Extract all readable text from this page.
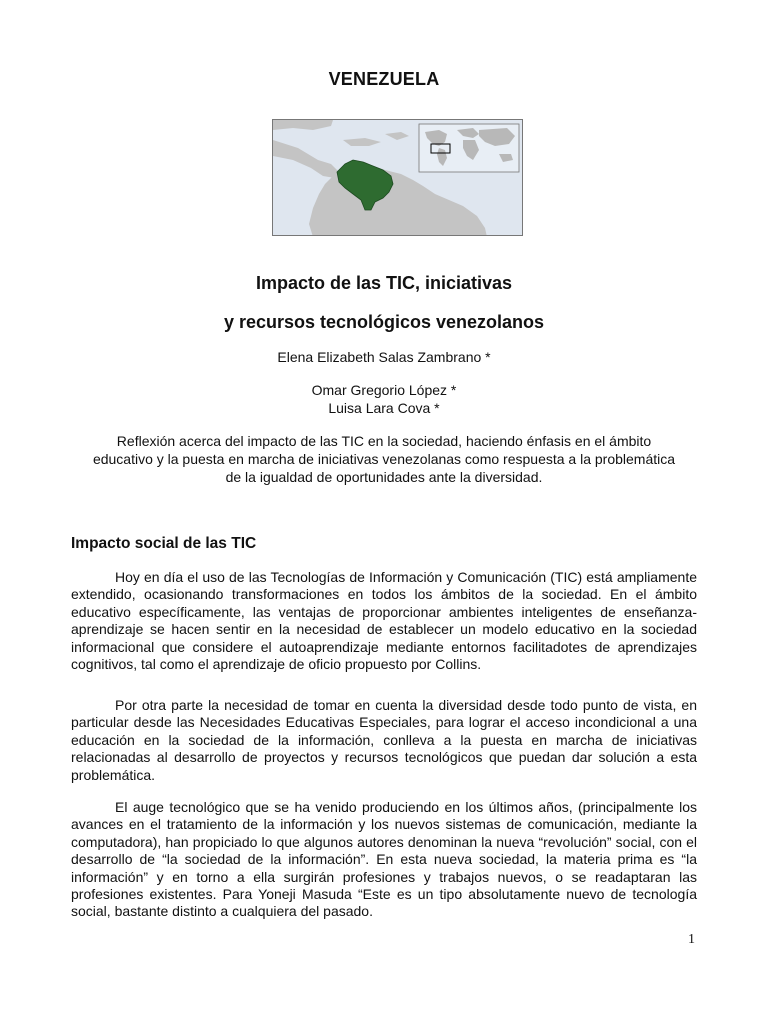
VENEZUELA
Impacto de las TIC, iniciativas
y recursos tecnológicos venezolanos
Elena Elizabeth Salas Zambrano *
Omar Gregorio López *
Luisa Lara Cova *
Reflexión acerca del impacto de las TIC en la sociedad, haciendo énfasis en el ámbito educativo y la puesta en marcha de iniciativas venezolanas como respuesta a la problemática de la igualdad de oportunidades ante la diversidad.
Impacto social de las TIC

Hoy en día el uso de las Tecnologías de Información y Comunicación (TIC) está ampliamente extendido, ocasionando transformaciones en todos los ámbitos de la sociedad. En el ámbito educativo específicamente, las ventajas de proporcionar ambientes inteligentes de enseñanza-aprendizaje se hacen sentir en la necesidad de establecer un modelo educativo en la sociedad informacional que considere el autoaprendizaje mediante entornos facilitadotes de aprendizajes cognitivos, tal como el aprendizaje de oficio propuesto por Collins.

Por otra parte la necesidad de tomar en cuenta la diversidad desde todo punto de vista, en particular desde las Necesidades Educativas Especiales, para lograr el acceso incondicional a una educación en la sociedad de la información, conlleva a la puesta en marcha de iniciativas relacionadas al desarrollo de proyectos y recursos tecnológicos que puedan dar solución a esta problemática.

El auge tecnológico que se ha venido produciendo en los últimos años, (principalmente los avances en el tratamiento de la información y los nuevos sistemas de comunicación, mediante la computadora), han propiciado lo que algunos autores denominan la nueva “revolución” social, con el desarrollo de “la sociedad de la información”. En esta nueva sociedad, la materia prima es “la información” y en torno a ella surgirán profesiones y trabajos nuevos, o se readaptaran las profesiones existentes. Para Yoneji Masuda “Este es un tipo absolutamente nuevo de tecnología social, bastante distinto a cualquiera del pasado.

1
